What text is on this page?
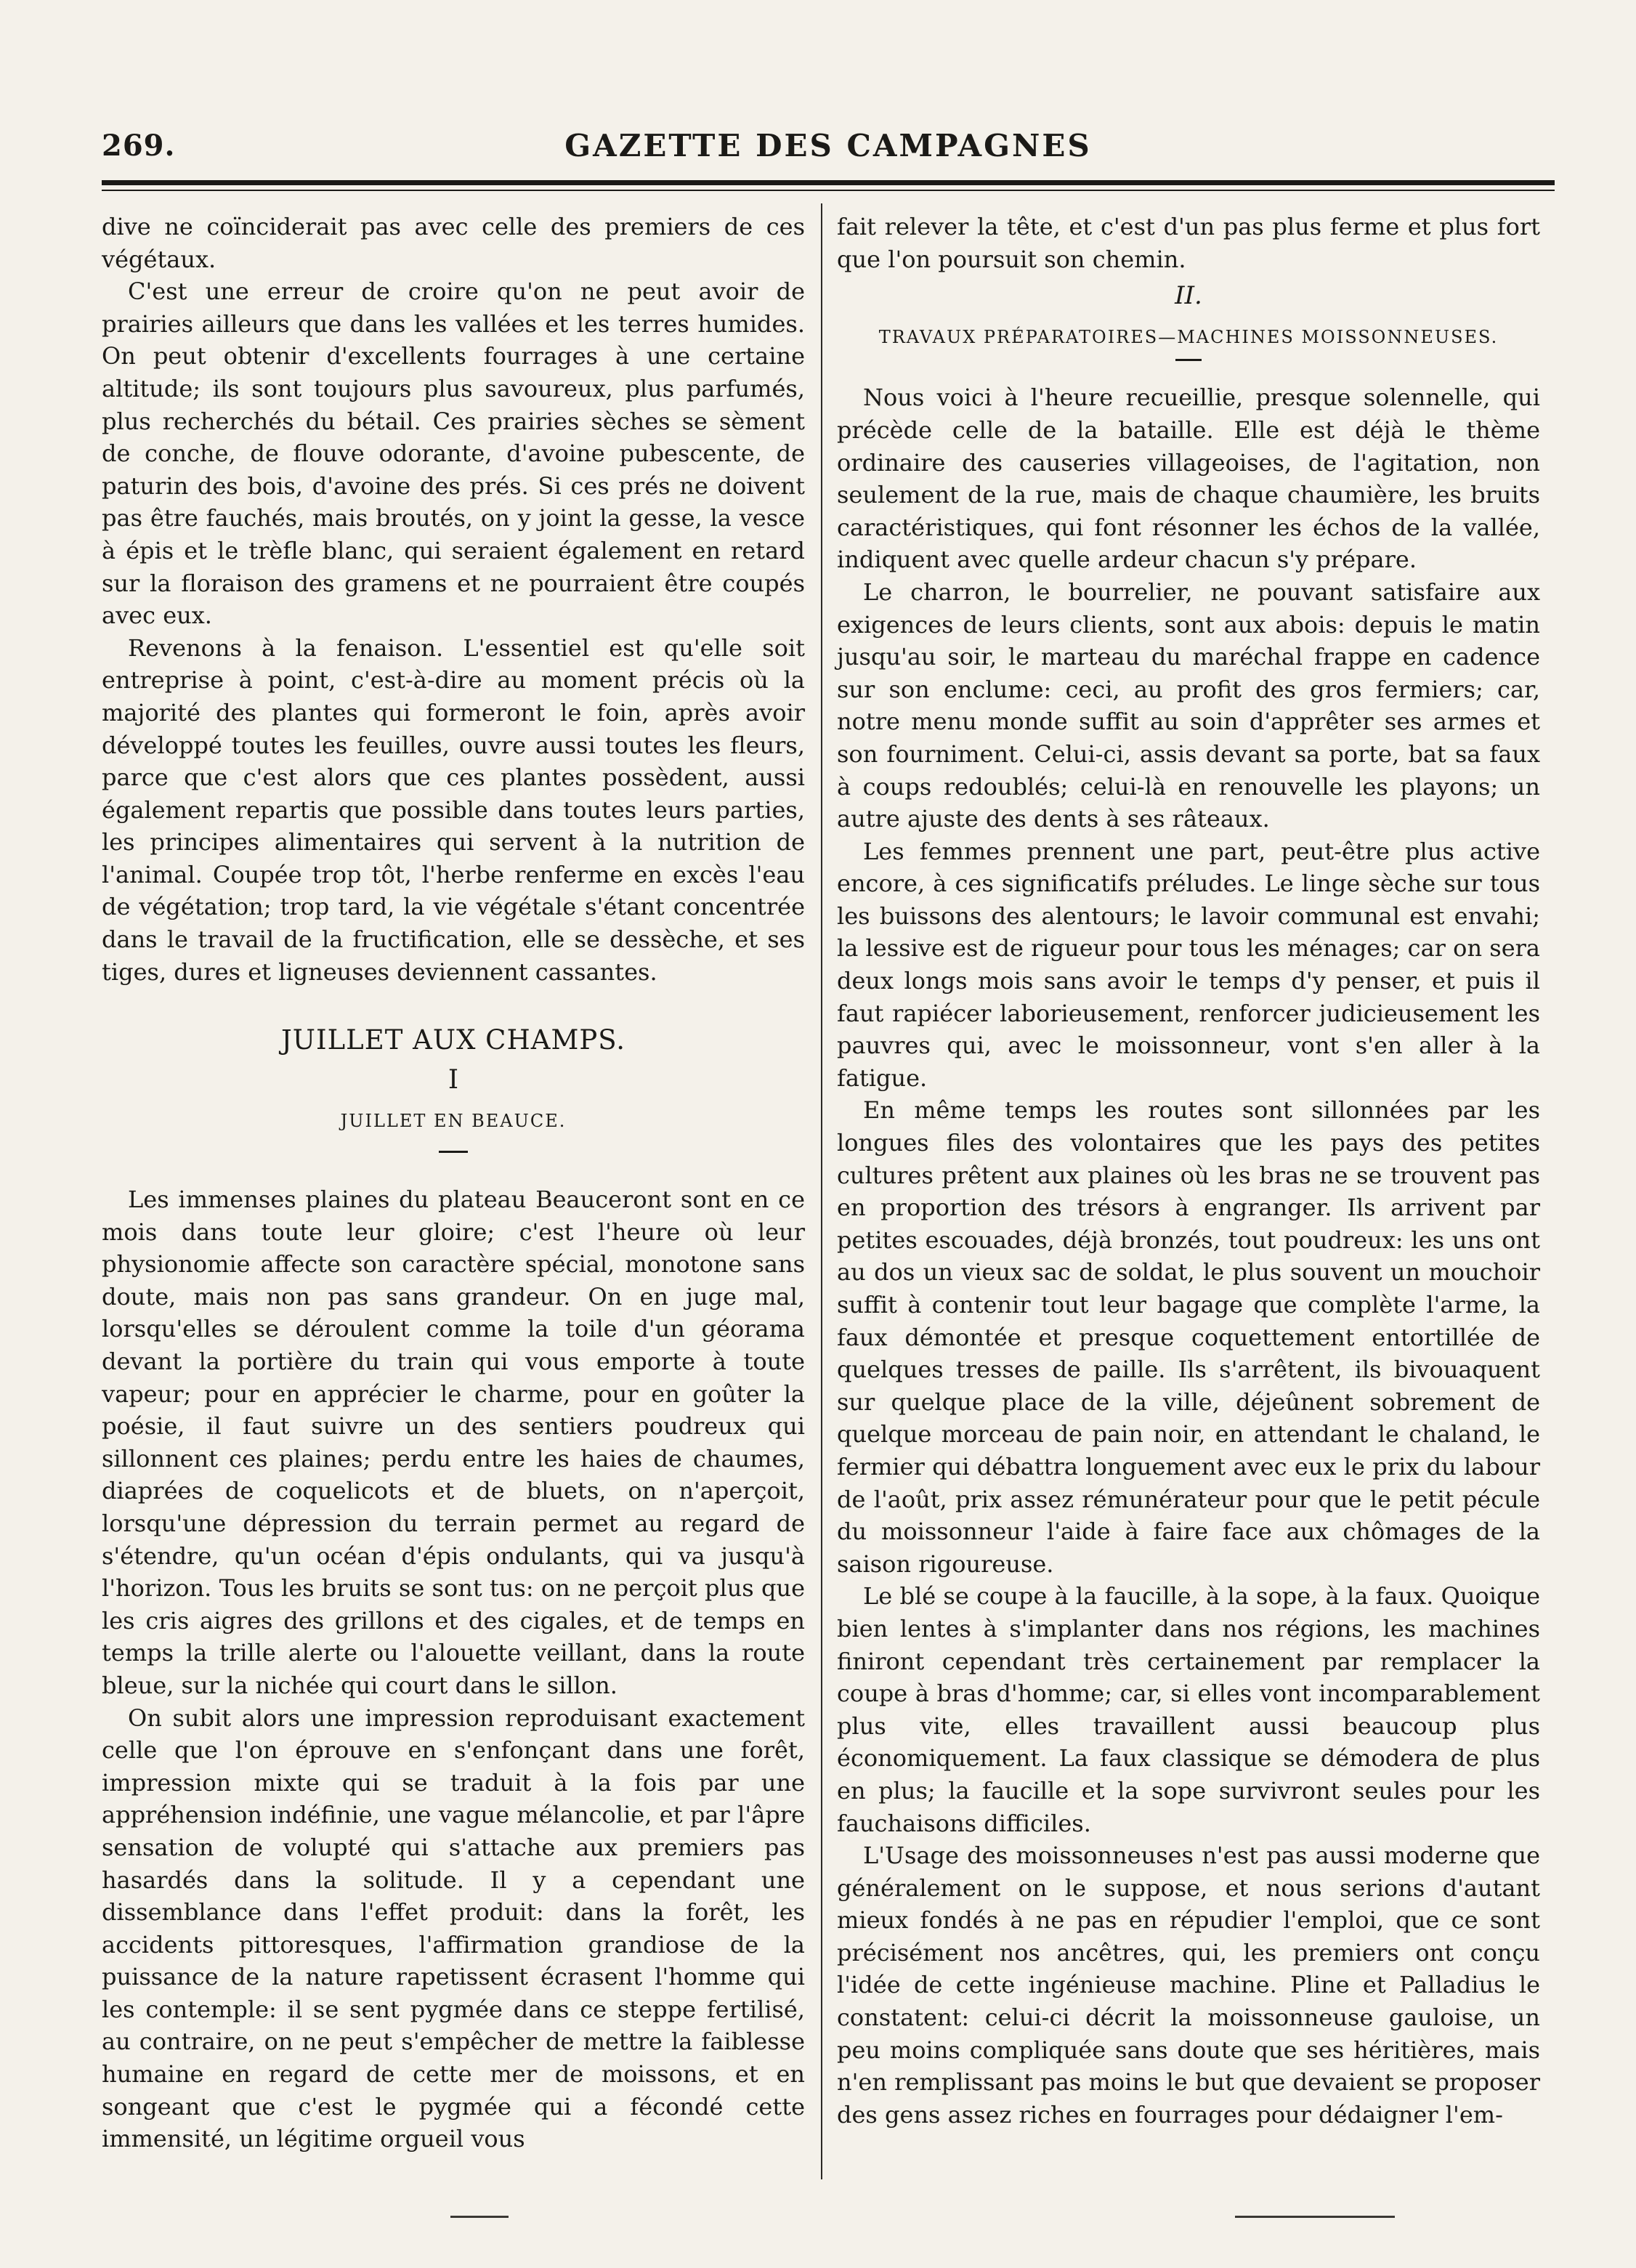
269.	GAZETTE DES CAMPAGNES

dive ne coïnciderait pas avec celle des premiers de ces végétaux.

C'est une erreur de croire qu'on ne peut avoir de prairies ailleurs que dans les vallées et les terres humides. On peut obtenir d'excellents fourrages à une certaine altitude; ils sont toujours plus savoureux, plus parfumés, plus recherchés du bétail. Ces prairies sèches se sèment de conche, de flouve odorante, d'avoine pubescente, de paturin des bois, d'avoine des prés. Si ces prés ne doivent pas être fauchés, mais broutés, on y joint la gesse, la vesce à épis et le trèfle blanc, qui seraient également en retard sur la floraison des gramens et ne pourraient être coupés avec eux.

Revenons à la fenaison. L'essentiel est qu'elle soit entreprise à point, c'est-à-dire au moment précis où la majorité des plantes qui formeront le foin, après avoir développé toutes les feuilles, ouvre aussi toutes les fleurs, parce que c'est alors que ces plantes possèdent, aussi également repartis que possible dans toutes leurs parties, les principes alimentaires qui servent à la nutrition de l'animal. Coupée trop tôt, l'herbe renferme en excès l'eau de végétation; trop tard, la vie végétale s'étant concentrée dans le travail de la fructification, elle se dessèche, et ses tiges, dures et ligneuses deviennent cassantes.

JUILLET AUX CHAMPS.
I
JUILLET EN BEAUCE.

Les immenses plaines du plateau Beauceront sont en ce mois dans toute leur gloire; c'est l'heure où leur physionomie affecte son caractère spécial, monotone sans doute, mais non pas sans grandeur. On en juge mal, lorsqu'elles se déroulent comme la toile d'un géorama devant la portière du train qui vous emporte à toute vapeur; pour en apprécier le charme, pour en goûter la poésie, il faut suivre un des sentiers poudreux qui sillonnent ces plaines; perdu entre les haies de chaumes, diaprées de coquelicots et de bluets, on n'aperçoit, lorsqu'une dépression du terrain permet au regard de s'étendre, qu'un océan d'épis ondulants, qui va jusqu'à l'horizon. Tous les bruits se sont tus: on ne perçoit plus que les cris aigres des grillons et des cigales, et de temps en temps la trille alerte ou l'alouette veillant, dans la route bleue, sur la nichée qui court dans le sillon.

On subit alors une impression reproduisant exactement celle que l'on éprouve en s'enfonçant dans une forêt, impression mixte qui se traduit à la fois par une appréhension indéfinie, une vague mélancolie, et par l'âpre sensation de volupté qui s'attache aux premiers pas hasardés dans la solitude. Il y a cependant une dissemblance dans l'effet produit: dans la forêt, les accidents pittoresques, l'affirmation grandiose de la puissance de la nature rapetissent écrasent l'homme qui les contemple: il se sent pygmée dans ce steppe fertilisé, au contraire, on ne peut s'empêcher de mettre la faiblesse humaine en regard de cette mer de moissons, et en songeant que c'est le pygmée qui a fécondé cette immensité, un légitime orgueil vous

fait relever la tête, et c'est d'un pas plus ferme et plus fort que l'on poursuit son chemin.

II.
TRAVAUX PRÉPARATOIRES—MACHINES MOISSONNEUSES.

Nous voici à l'heure recueillie, presque solennelle, qui précède celle de la bataille. Elle est déjà le thème ordinaire des causeries villageoises, de l'agitation, non seulement de la rue, mais de chaque chaumière, les bruits caractéristiques, qui font résonner les échos de la vallée, indiquent avec quelle ardeur chacun s'y prépare.

Le charron, le bourrelier, ne pouvant satisfaire aux exigences de leurs clients, sont aux abois: depuis le matin jusqu'au soir, le marteau du maréchal frappe en cadence sur son enclume: ceci, au profit des gros fermiers; car, notre menu monde suffit au soin d'apprêter ses armes et son fourniment. Celui-ci, assis devant sa porte, bat sa faux à coups redoublés; celui-là en renouvelle les playons; un autre ajuste des dents à ses râteaux.

Les femmes prennent une part, peut-être plus active encore, à ces significatifs préludes. Le linge sèche sur tous les buissons des alentours; le lavoir communal est envahi; la lessive est de rigueur pour tous les ménages; car on sera deux longs mois sans avoir le temps d'y penser, et puis il faut rapiécer laborieusement, renforcer judicieusement les pauvres qui, avec le moissonneur, vont s'en aller à la fatigue.

En même temps les routes sont sillonnées par les longues files des volontaires que les pays des petites cultures prêtent aux plaines où les bras ne se trouvent pas en proportion des trésors à engranger. Ils arrivent par petites escouades, déjà bronzés, tout poudreux: les uns ont au dos un vieux sac de soldat, le plus souvent un mouchoir suffit à contenir tout leur bagage que complète l'arme, la faux démontée et presque coquettement entortillée de quelques tresses de paille. Ils s'arrêtent, ils bivouaquent sur quelque place de la ville, déjeûnent sobrement de quelque morceau de pain noir, en attendant le chaland, le fermier qui débattra longuement avec eux le prix du labour de l'août, prix assez rémunérateur pour que le petit pécule du moissonneur l'aide à faire face aux chômages de la saison rigoureuse.

Le blé se coupe à la faucille, à la sope, à la faux. Quoique bien lentes à s'implanter dans nos régions, les machines finiront cependant très certainement par remplacer la coupe à bras d'homme; car, si elles vont incomparablement plus vite, elles travaillent aussi beaucoup plus économiquement. La faux classique se démodera de plus en plus; la faucille et la sope survivront seules pour les fauchaisons difficiles.

L'Usage des moissonneuses n'est pas aussi moderne que généralement on le suppose, et nous serions d'autant mieux fondés à ne pas en répudier l'emploi, que ce sont précisément nos ancêtres, qui, les premiers ont conçu l'idée de cette ingénieuse machine. Pline et Palladius le constatent: celui-ci décrit la moissonneuse gauloise, un peu moins compliquée sans doute que ses héritières, mais n'en remplissant pas moins le but que devaient se proposer des gens assez riches en fourrages pour dédaigner l'em-
